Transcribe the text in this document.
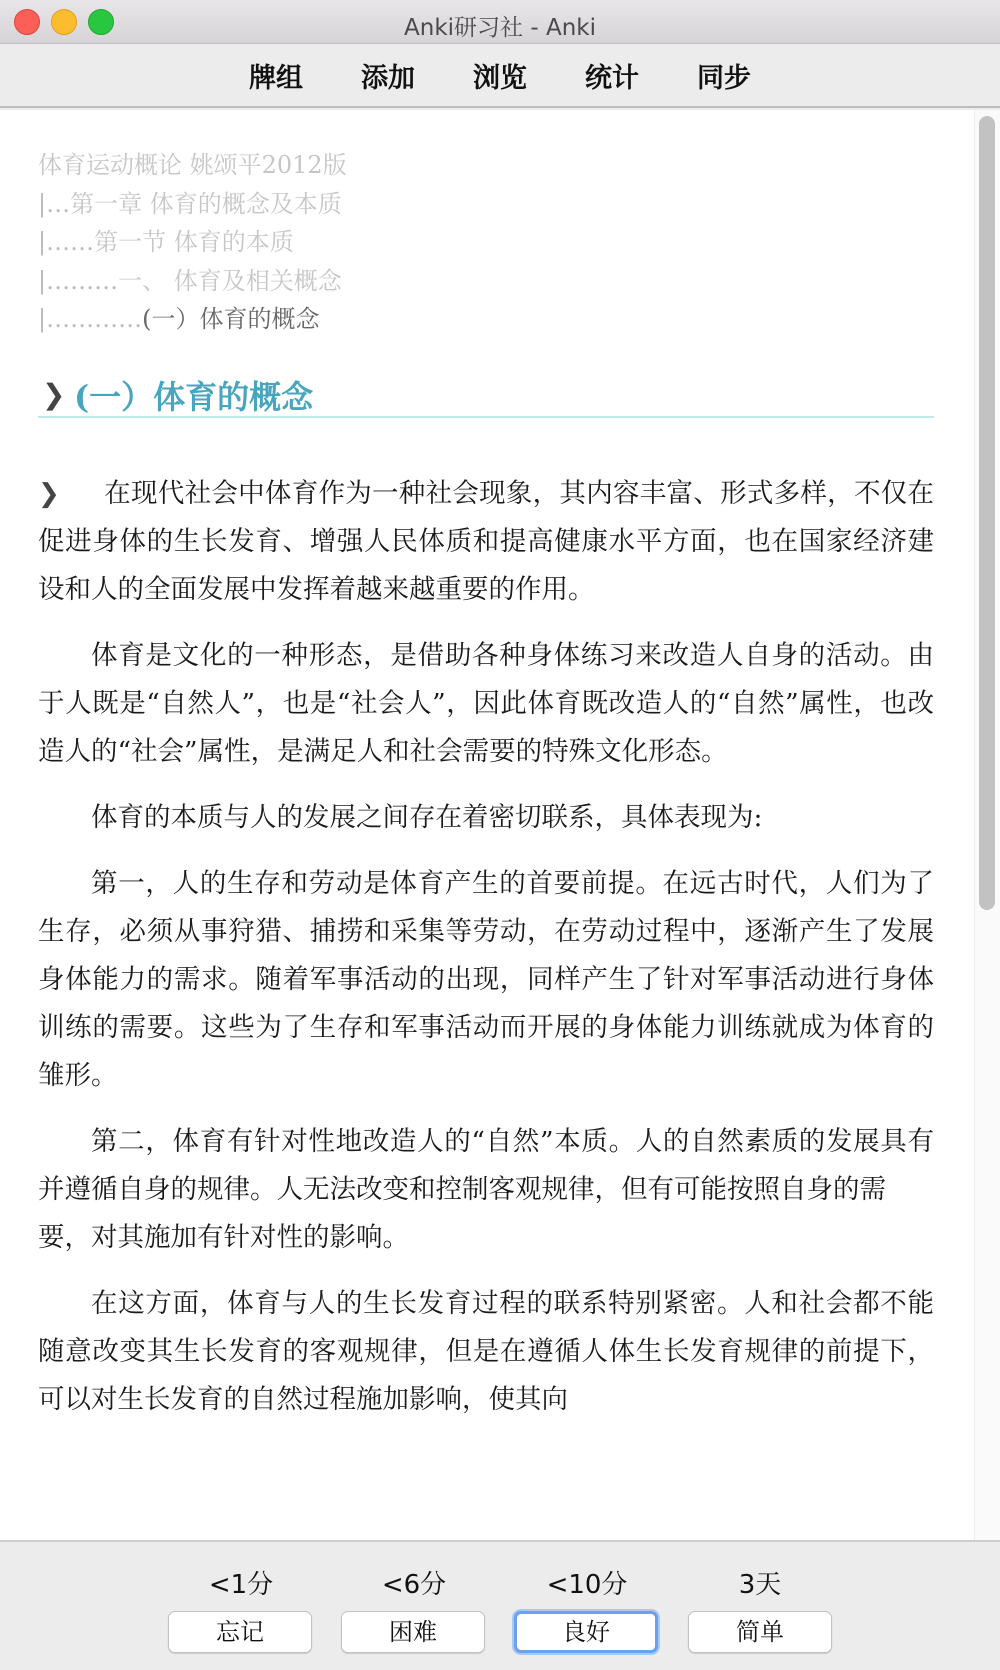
Anki研习社 - Anki
牌组 添加 浏览 统计 同步
体育运动概论 姚颂平2012版
|…第一章 体育的概念及本质
|……第一节 体育的本质
|………一、 体育及相关概念
|…………(一）体育的概念
❯ (一）体育的概念

❯ 在现代社会中体育作为一种社会现象，其内容丰富、形式多样，不仅在促进身体的生长发育、增强人民体质和提高健康水平方面，也在国家经济建设和人的全面发展中发挥着越来越重要的作用。

体育是文化的一种形态，是借助各种身体练习来改造人自身的活动。由于人既是“自然人”，也是“社会人”，因此体育既改造人的“自然”属性，也改造人的“社会”属性，是满足人和社会需要的特殊文化形态。

体育的本质与人的发展之间存在着密切联系，具体表现为:

第一，人的生存和劳动是体育产生的首要前提。在远古时代，人们为了生存，必须从事狩猎、捕捞和采集等劳动，在劳动过程中，逐渐产生了发展身体能力的需求。随着军事活动的出现，同样产生了针对军事活动进行身体训练的需要。这些为了生存和军事活动而开展的身体能力训练就成为体育的雏形。

第二，体育有针对性地改造人的“自然”本质。人的自然素质的发展具有并遵循自身的规律。人无法改变和控制客观规律，但有可能按照自身的需

要，对其施加有针对性的影响。

在这方面，体育与人的生长发育过程的联系特别紧密。人和社会都不能随意改变其生长发育的客观规律，但是在遵循人体生长发育规律的前提下，可以对生长发育的自然过程施加影响，使其向

<1分	<6分	<10分	3天
忘记	困难	良好	简单
